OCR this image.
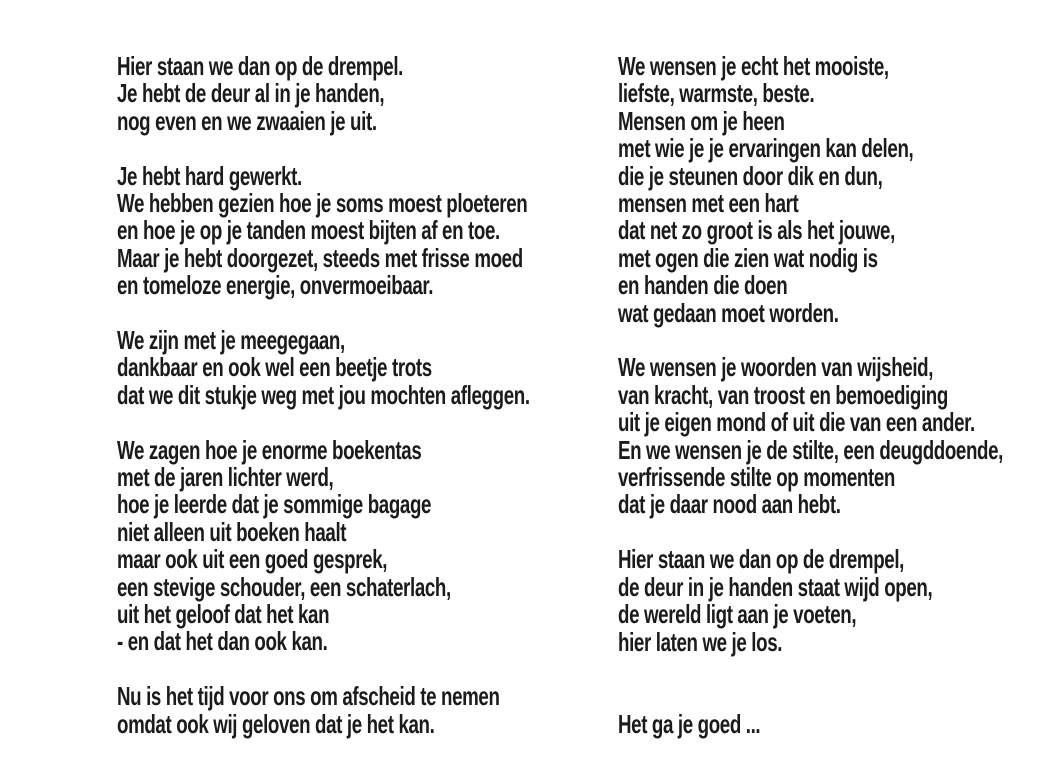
Hier staan we dan op de drempel.
Je hebt de deur al in je handen,
nog even en we zwaaien je uit.

Je hebt hard gewerkt.
We hebben gezien hoe je soms moest ploeteren
en hoe je op je tanden moest bijten af en toe.
Maar je hebt doorgezet, steeds met frisse moed
en tomeloze energie, onvermoeibaar.

We zijn met je meegegaan,
dankbaar en ook wel een beetje trots
dat we dit stukje weg met jou mochten afleggen.

We zagen hoe je enorme boekentas
met de jaren lichter werd,
hoe je leerde dat je sommige bagage
niet alleen uit boeken haalt
maar ook uit een goed gesprek,
een stevige schouder, een schaterlach,
uit het geloof dat het kan
- en dat het dan ook kan.

Nu is het tijd voor ons om afscheid te nemen
omdat ook wij geloven dat je het kan.

We wensen je echt het mooiste,
liefste, warmste, beste.
Mensen om je heen
met wie je je ervaringen kan delen,
die je steunen door dik en dun,
mensen met een hart
dat net zo groot is als het jouwe,
met ogen die zien wat nodig is
en handen die doen
wat gedaan moet worden.

We wensen je woorden van wijsheid,
van kracht, van troost en bemoediging
uit je eigen mond of uit die van een ander.
En we wensen je de stilte, een deugddoende,
verfrissende stilte op momenten
dat je daar nood aan hebt.

Hier staan we dan op de drempel,
de deur in je handen staat wijd open,
de wereld ligt aan je voeten,
hier laten we je los.

Het ga je goed ...
